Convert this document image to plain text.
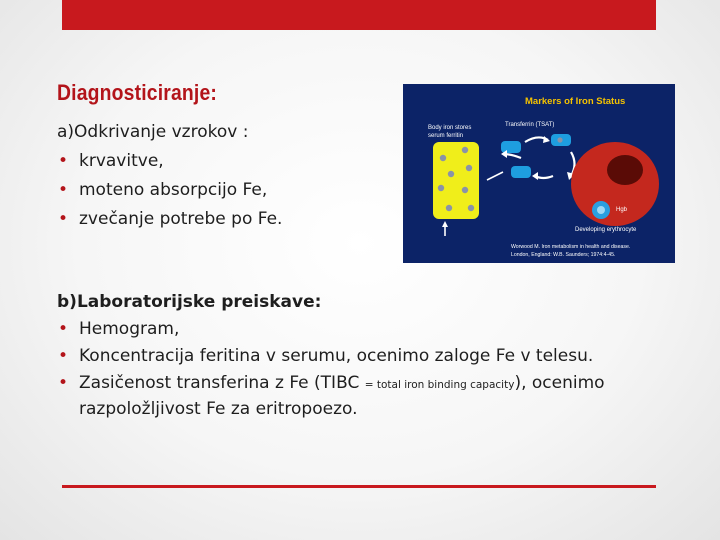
Diagnosticiranje:

a)Odkrivanje vzrokov :

• krvavitve,
• moteno absorpcijo Fe,
• zvečanje potrebe po Fe.
Markers of Iron Status
Body iron stores
serum ferritin
Transferrin (TSAT)
Hgb
Developing erythrocyte
Worwood M. Iron metabolism in health and disease.
London, England: W.B. Saunders; 1974:4-45.

b)Laboratorijske preiskave:

• Hemogram,
• Koncentracija feritina v serumu, ocenimo zaloge Fe v telesu.
• Zasičenost transferina z Fe (TIBC = total iron binding capacity), ocenimo razpoložljivost Fe za eritropoezo.
